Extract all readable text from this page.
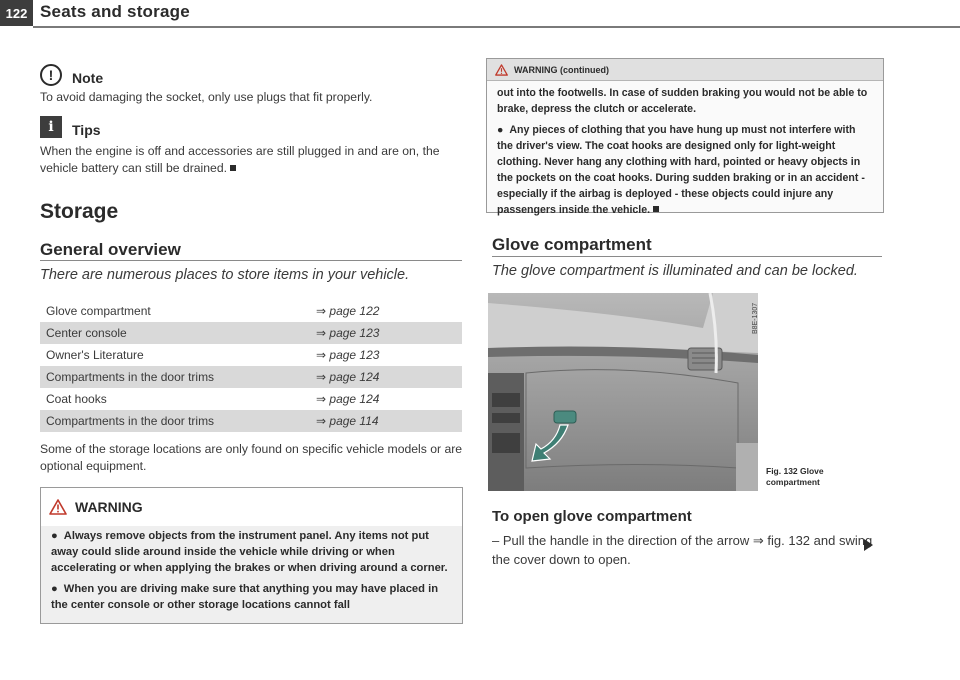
122 Seats and storage
!	Note
To avoid damaging the socket, only use plugs that fit properly.
i	Tips
When the engine is off and accessories are still plugged in and are on, the vehicle battery can still be drained.
Storage
General overview
There are numerous places to store items in your vehicle.
Glove compartment	⇒ page 122
Center console	⇒ page 123
Owner's Literature	⇒ page 123
Compartments in the door trims	⇒ page 124
Coat hooks	⇒ page 124
Compartments in the door trims	⇒ page 114
Some of the storage locations are only found on specific vehicle models or are optional equipment.
WARNING
● Always remove objects from the instrument panel. Any items not put away could slide around inside the vehicle while driving or when accelerating or when applying the brakes or when driving around a corner.
● When you are driving make sure that anything you may have placed in the center console or other storage locations cannot fall
WARNING (continued)
out into the footwells. In case of sudden braking you would not be able to brake, depress the clutch or accelerate.
● Any pieces of clothing that you have hung up must not interfere with the driver's view. The coat hooks are designed only for light-weight clothing. Never hang any clothing with hard, pointed or heavy objects in the pockets on the coat hooks. During sudden braking or in an accident - especially if the airbag is deployed - these objects could injure any passengers inside the vehicle.
Glove compartment
The glove compartment is illuminated and can be locked.
B8E-1307
Fig. 132 Glove
compartment
To open glove compartment
– Pull the handle in the direction of the arrow ⇒ fig. 132 and swing the cover down to open.
